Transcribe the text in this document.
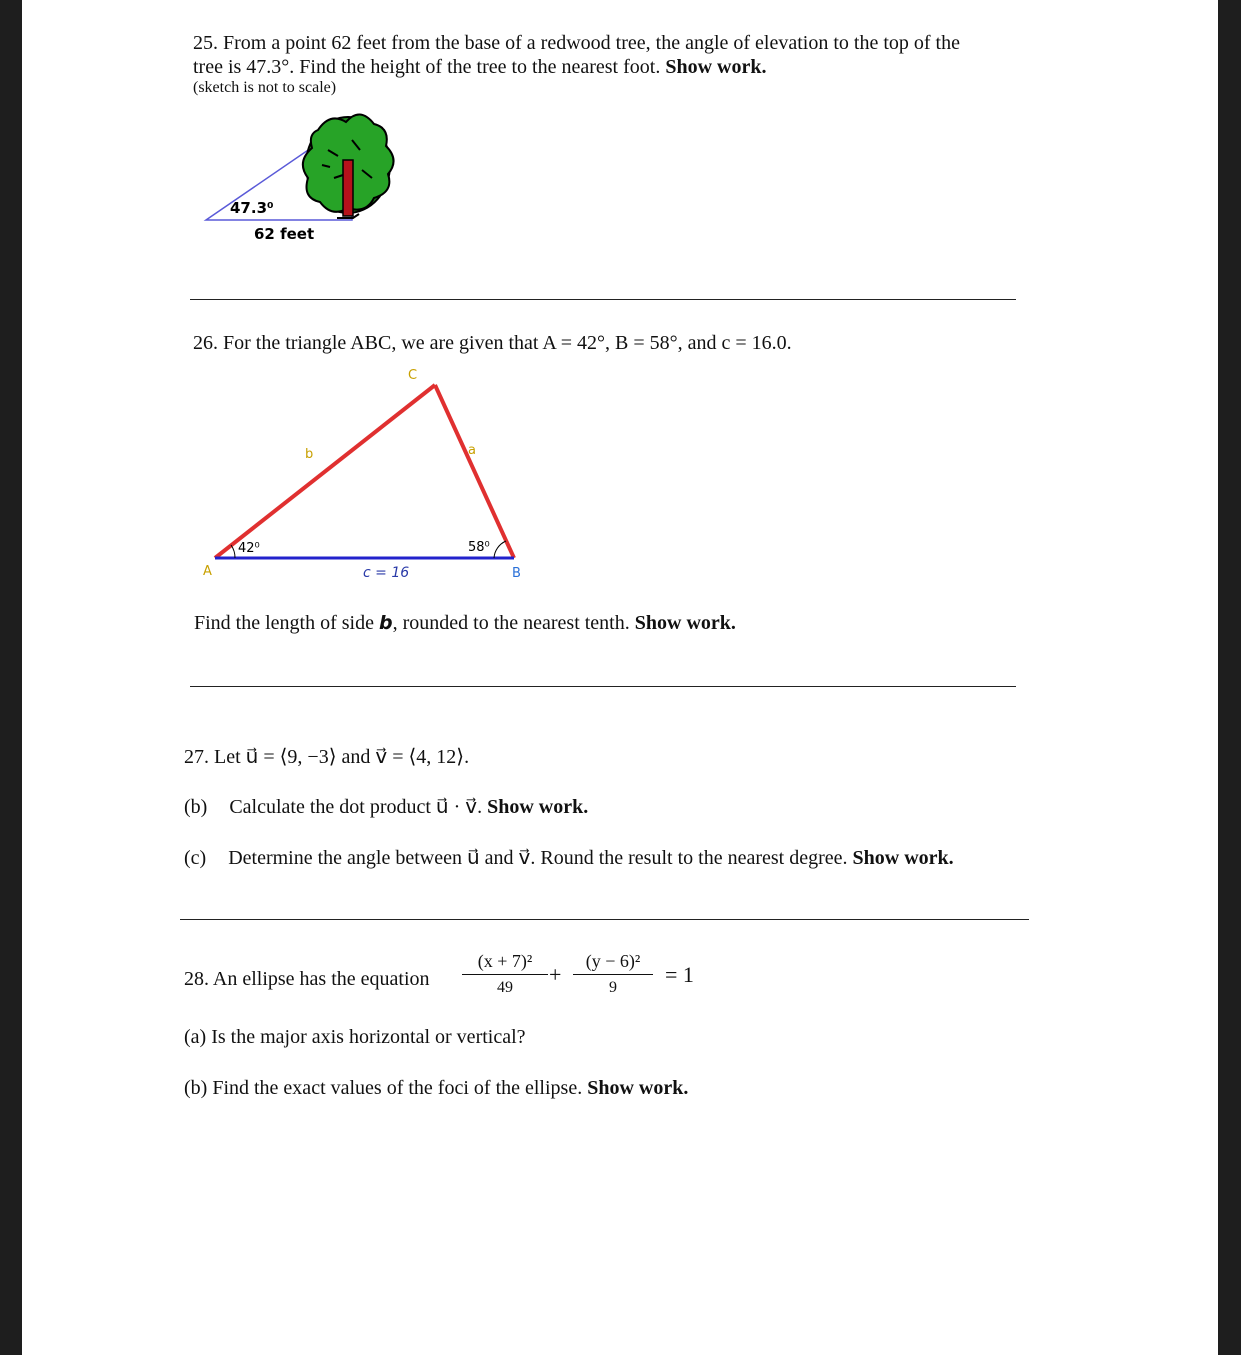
25. From a point 62 feet from the base of a redwood tree, the angle of elevation to the top of the
tree is 47.3°. Find the height of the tree to the nearest foot. Show work.
(sketch is not to scale)
47.3⁰
62 feet
26. For the triangle ABC, we are given that A = 42°, B = 58°, and c = 16.0.
C
b	a
42⁰	58⁰
A	B
c = 16
Find the length of side b, rounded to the nearest tenth. Show work.
27. Let u⃗ = ⟨9, −3⟩ and v⃗ = ⟨4, 12⟩.
(b) Calculate the dot product u⃗ · v⃗. Show work.
(c) Determine the angle between u⃗ and v⃗. Round the result to the nearest degree. Show work.
28. An ellipse has the equation
(x + 7)²
49
+
(y − 6)²
9
= 1
(a) Is the major axis horizontal or vertical?
(b) Find the exact values of the foci of the ellipse. Show work.
